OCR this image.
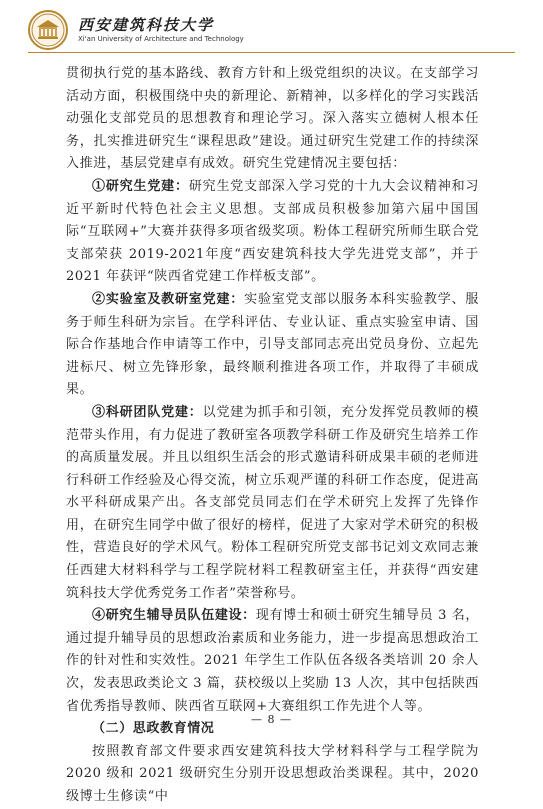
西安建筑科技大学
Xi'an University of Architecture and Technology

贯彻执行党的基本路线、教育方针和上级党组织的决议。在支部学习活动方面，积极围绕中央的新理论、新精神，以多样化的学习实践活动强化支部党员的思想教育和理论学习。深入落实立德树人根本任务，扎实推进研究生“课程思政”建设。通过研究生党建工作的持续深入推进，基层党建卓有成效。研究生党建情况主要包括：

①研究生党建：研究生党支部深入学习党的十九大会议精神和习近平新时代特色社会主义思想。支部成员积极参加第六届中国国际“互联网+”大赛并获得多项省级奖项。粉体工程研究所师生联合党支部荣获 2019-2021年度“西安建筑科技大学先进党支部”，并于 2021 年获评“陕西省党建工作样板支部”。

②实验室及教研室党建：实验室党支部以服务本科实验教学、服务于师生科研为宗旨。在学科评估、专业认证、重点实验室申请、国际合作基地合作申请等工作中，引导支部同志亮出党员身份、立起先进标尺、树立先锋形象，最终顺利推进各项工作，并取得了丰硕成果。

③科研团队党建：以党建为抓手和引领，充分发挥党员教师的模范带头作用，有力促进了教研室各项教学科研工作及研究生培养工作的高质量发展。并且以组织生活会的形式邀请科研成果丰硕的老师进行科研工作经验及心得交流，树立乐观严谨的科研工作态度，促进高水平科研成果产出。各支部党员同志们在学术研究上发挥了先锋作用，在研究生同学中做了很好的榜样，促进了大家对学术研究的积极性，营造良好的学术风气。粉体工程研究所党支部书记刘文欢同志兼任西建大材料科学与工程学院材料工程教研室主任，并获得“西安建筑科技大学优秀党务工作者”荣誉称号。

④研究生辅导员队伍建设：现有博士和硕士研究生辅导员 3 名，通过提升辅导员的思想政治素质和业务能力，进一步提高思想政治工作的针对性和实效性。2021 年学生工作队伍各级各类培训 20 余人次，发表思政类论文 3 篇，获校级以上奖励 13 人次，其中包括陕西省优秀指导教师、陕西省互联网+大赛组织工作先进个人等。

（二）思政教育情况

按照教育部文件要求西安建筑科技大学材料科学与工程学院为 2020 级和 2021 级研究生分别开设思想政治类课程。其中，2020 级博士生修读“中

— 8 —
